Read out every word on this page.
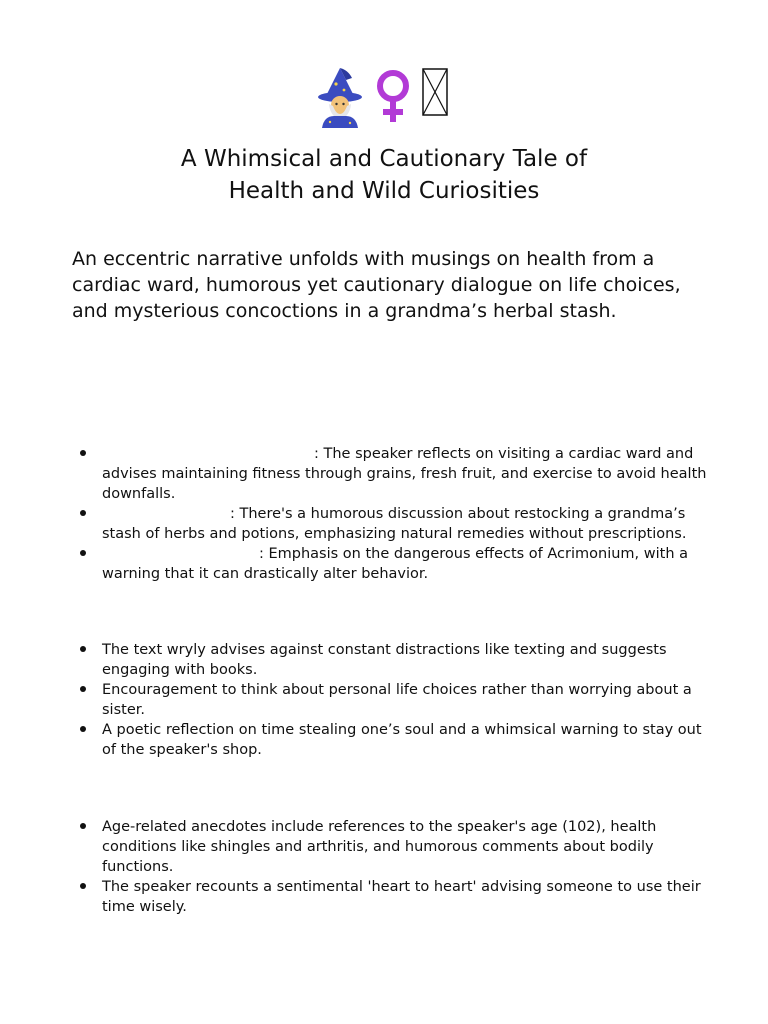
A Whimsical and Cautionary Tale of
Health and Wild Curiosities

An eccentric narrative unfolds with musings on health from a cardiac ward, humorous yet cautionary dialogue on life choices, and mysterious concoctions in a grandma’s herbal stash.

: The speaker reflects on visiting a cardiac ward and advises maintaining fitness through grains, fresh fruit, and exercise to avoid health downfalls.
: There's a humorous discussion about restocking a grandma’s stash of herbs and potions, emphasizing natural remedies without prescriptions.
: Emphasis on the dangerous effects of Acrimonium, with a warning that it can drastically alter behavior.
The text wryly advises against constant distractions like texting and suggests engaging with books.
Encouragement to think about personal life choices rather than worrying about a sister.
A poetic reflection on time stealing one’s soul and a whimsical warning to stay out of the speaker's shop.
Age-related anecdotes include references to the speaker's age (102), health conditions like shingles and arthritis, and humorous comments about bodily functions.
The speaker recounts a sentimental 'heart to heart' advising someone to use their time wisely.
